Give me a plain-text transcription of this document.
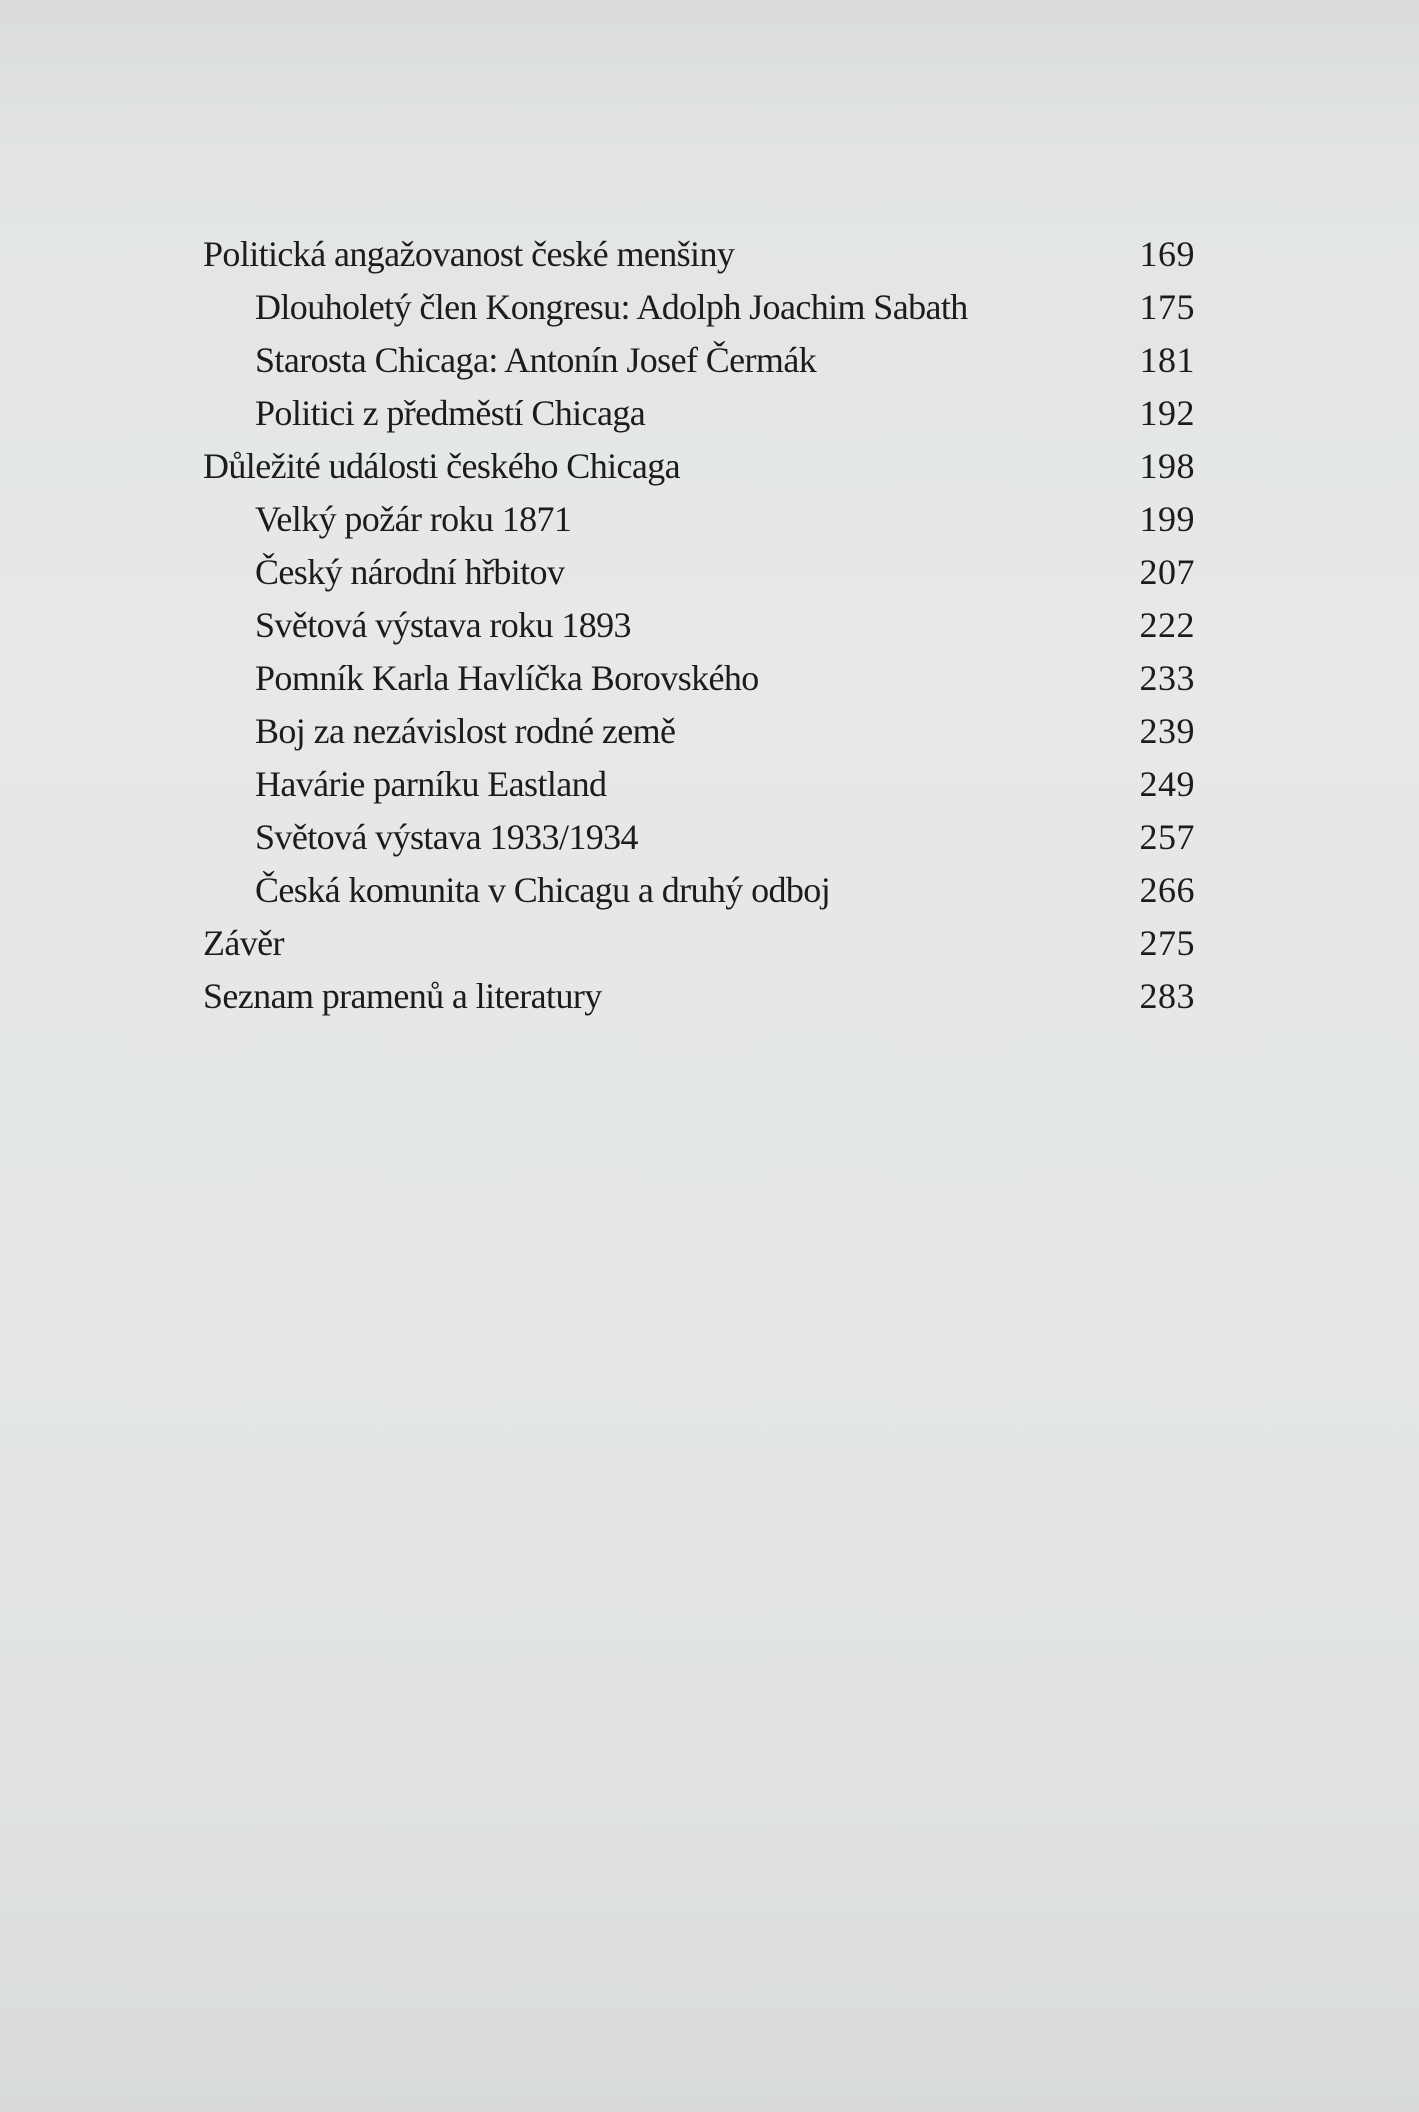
Politická angažovanost české menšiny	169
Dlouholetý člen Kongresu: Adolph Joachim Sabath	175
Starosta Chicaga: Antonín Josef Čermák	181
Politici z předměstí Chicaga	192
Důležité události českého Chicaga	198
Velký požár roku 1871	199
Český národní hřbitov	207
Světová výstava roku 1893	222
Pomník Karla Havlíčka Borovského	233
Boj za nezávislost rodné země	239
Havárie parníku Eastland	249
Světová výstava 1933/1934	257
Česká komunita v Chicagu a druhý odboj	266
Závěr	275
Seznam pramenů a literatury	283
